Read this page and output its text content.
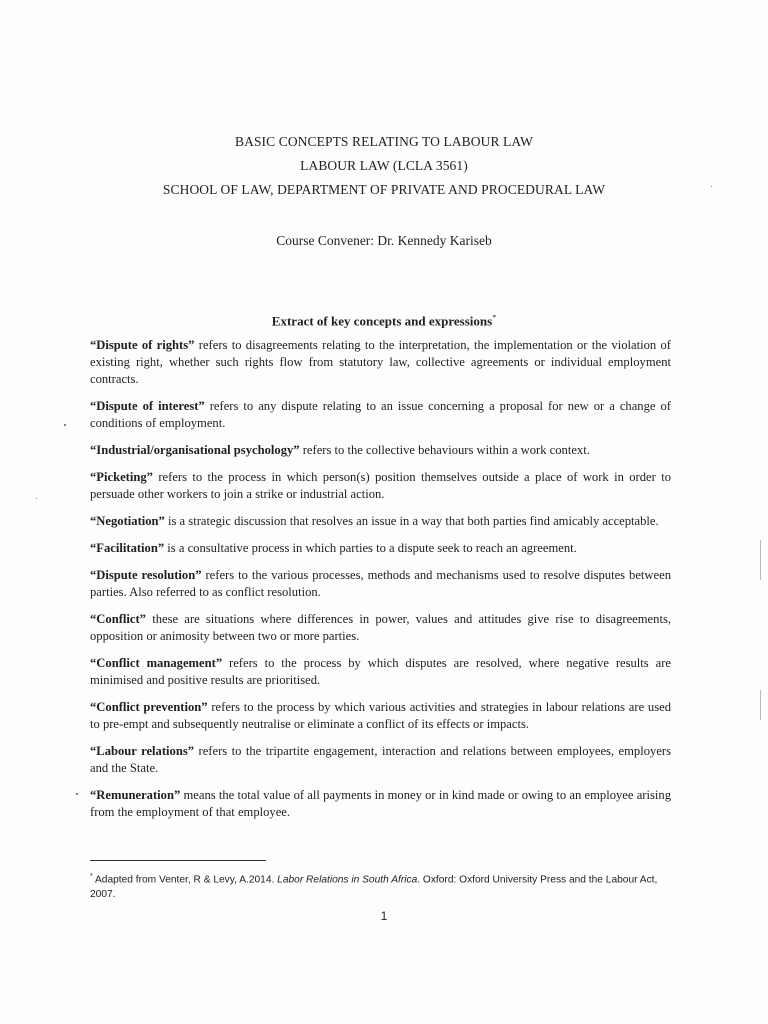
BASIC CONCEPTS RELATING TO LABOUR LAW
LABOUR LAW (LCLA 3561)
SCHOOL OF LAW, DEPARTMENT OF PRIVATE AND PROCEDURAL LAW
Course Convener: Dr. Kennedy Kariseb
Extract of key concepts and expressions*

“Dispute of rights” refers to disagreements relating to the interpretation, the implementation or the violation of existing right, whether such rights flow from statutory law, collective agreements or individual employment contracts.

“Dispute of interest” refers to any dispute relating to an issue concerning a proposal for new or a change of conditions of employment.

“Industrial/organisational psychology” refers to the collective behaviours within a work context.

“Picketing” refers to the process in which person(s) position themselves outside a place of work in order to persuade other workers to join a strike or industrial action.

“Negotiation” is a strategic discussion that resolves an issue in a way that both parties find amicably acceptable.

“Facilitation” is a consultative process in which parties to a dispute seek to reach an agreement.

“Dispute resolution” refers to the various processes, methods and mechanisms used to resolve disputes between parties. Also referred to as conflict resolution.

“Conflict” these are situations where differences in power, values and attitudes give rise to disagreements, opposition or animosity between two or more parties.

“Conflict management” refers to the process by which disputes are resolved, where negative results are minimised and positive results are prioritised.

“Conflict prevention” refers to the process by which various activities and strategies in labour relations are used to pre-empt and subsequently neutralise or eliminate a conflict of its effects or impacts.

“Labour relations” refers to the tripartite engagement, interaction and relations between employees, employers and the State.

“Remuneration” means the total value of all payments in money or in kind made or owing to an employee arising from the employment of that employee.

* Adapted from Venter, R & Levy, A.2014. Labor Relations in South Africa. Oxford: Oxford University Press and the Labour Act, 2007.
1
